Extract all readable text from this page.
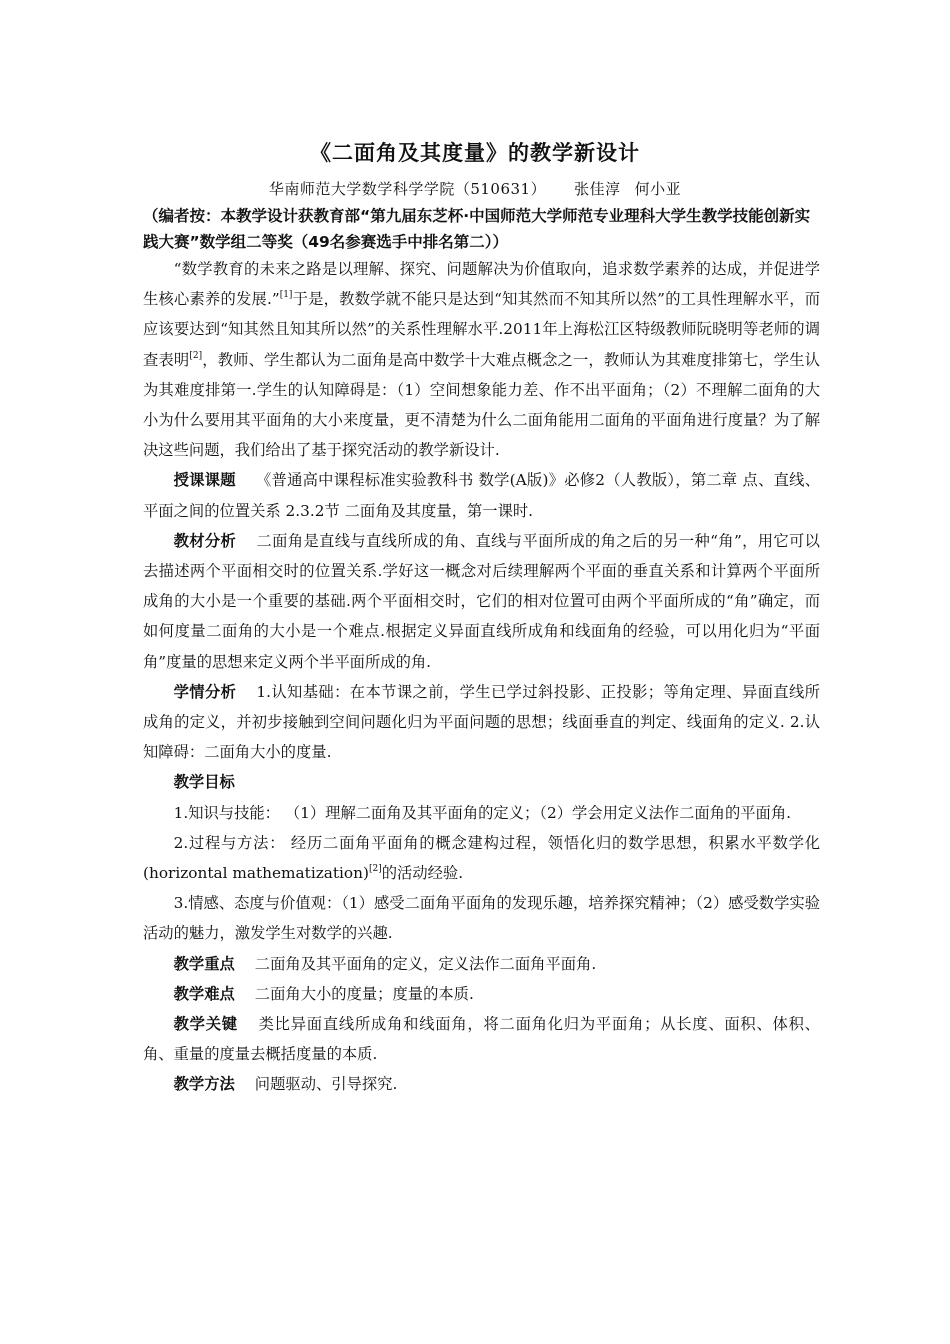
《二面角及其度量》的教学新设计
华南师范大学数学科学学院（510631） 张佳淳 何小亚
（编者按：本教学设计获教育部“第九届东芝杯·中国师范大学师范专业理科大学生教学技能创新实践大赛”数学组二等奖（49名参赛选手中排名第二））

“数学教育的未来之路是以理解、探究、问题解决为价值取向，追求数学素养的达成，并促进学生核心素养的发展.”[1]于是，教数学就不能只是达到“知其然而不知其所以然”的工具性理解水平，而应该要达到“知其然且知其所以然”的关系性理解水平.2011年上海松江区特级教师阮晓明等老师的调查表明[2]，教师、学生都认为二面角是高中数学十大难点概念之一，教师认为其难度排第七，学生认为其难度排第一.学生的认知障碍是：（1）空间想象能力差、作不出平面角；（2）不理解二面角的大小为什么要用其平面角的大小来度量，更不清楚为什么二面角能用二面角的平面角进行度量？为了解决这些问题，我们给出了基于探究活动的教学新设计.

授课课题 《普通高中课程标准实验教科书 数学(A版)》必修2（人教版），第二章 点、直线、平面之间的位置关系 2.3.2节 二面角及其度量，第一课时.

教材分析 二面角是直线与直线所成的角、直线与平面所成的角之后的另一种“角”，用它可以去描述两个平面相交时的位置关系.学好这一概念对后续理解两个平面的垂直关系和计算两个平面所成角的大小是一个重要的基础.两个平面相交时，它们的相对位置可由两个平面所成的“角”确定，而如何度量二面角的大小是一个难点.根据定义异面直线所成角和线面角的经验，可以用化归为“平面角”度量的思想来定义两个半平面所成的角.

学情分析 1.认知基础：在本节课之前，学生已学过斜投影、正投影；等角定理、异面直线所成角的定义，并初步接触到空间问题化归为平面问题的思想；线面垂直的判定、线面角的定义. 2.认知障碍：二面角大小的度量.

教学目标

1.知识与技能： （1）理解二面角及其平面角的定义；（2）学会用定义法作二面角的平面角.

2.过程与方法： 经历二面角平面角的概念建构过程，领悟化归的数学思想，积累水平数学化(horizontal mathematization)[2]的活动经验.

3.情感、态度与价值观：（1）感受二面角平面角的发现乐趣，培养探究精神；（2）感受数学实验活动的魅力，激发学生对数学的兴趣.

教学重点 二面角及其平面角的定义，定义法作二面角平面角.

教学难点 二面角大小的度量；度量的本质.

教学关键 类比异面直线所成角和线面角，将二面角化归为平面角；从长度、面积、体积、角、重量的度量去概括度量的本质.

教学方法 问题驱动、引导探究.
